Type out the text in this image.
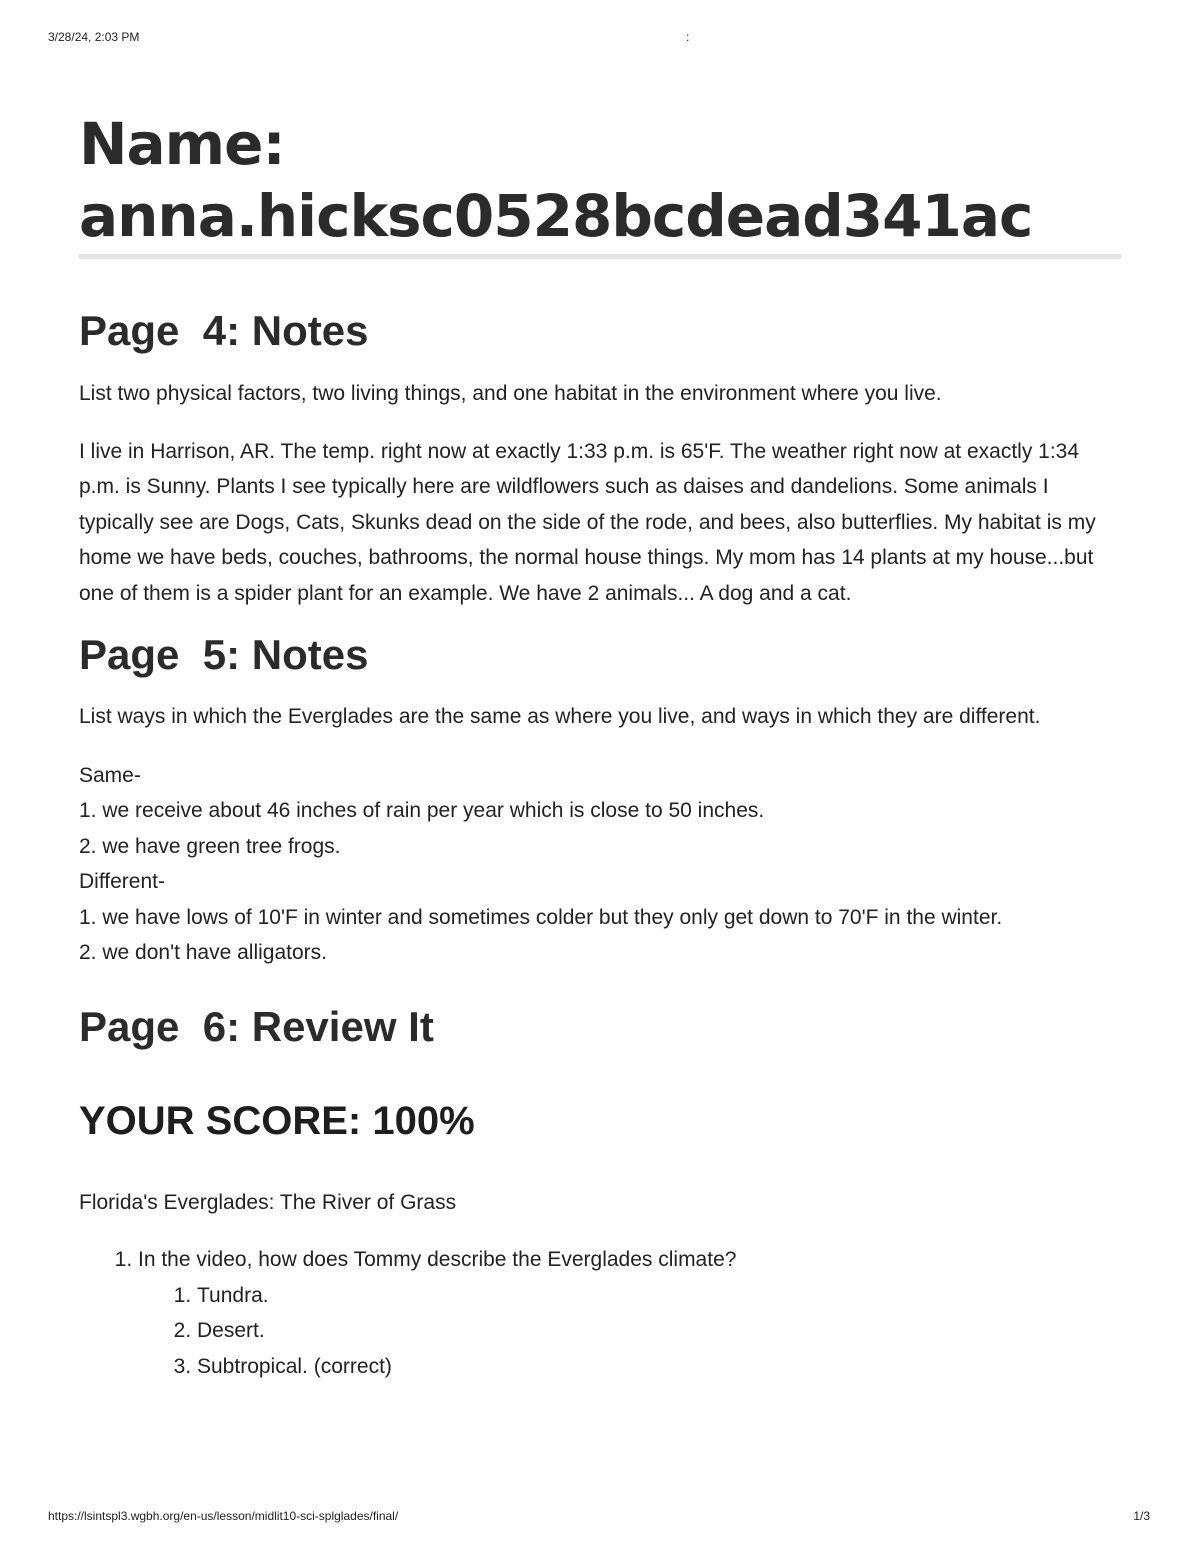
3/28/24, 2:03 PM	:
Name:
anna.hicksc0528bcdead341ac
Page  4: Notes

List two physical factors, two living things, and one habitat in the environment where you live.

I live in Harrison, AR. The temp. right now at exactly 1:33 p.m. is 65'F. The weather right now at exactly 1:34 p.m. is Sunny. Plants I see typically here are wildflowers such as daises and dandelions. Some animals I typically see are Dogs, Cats, Skunks dead on the side of the rode, and bees, also butterflies. My habitat is my home we have beds, couches, bathrooms, the normal house things. My mom has 14 plants at my house...but one of them is a spider plant for an example. We have 2 animals... A dog and a cat.

Page  5: Notes

List ways in which the Everglades are the same as where you live, and ways in which they are different.

Same-
1. we receive about 46 inches of rain per year which is close to 50 inches.
2. we have green tree frogs.
Different-
1. we have lows of 10'F in winter and sometimes colder but they only get down to 70'F in the winter.
2. we don't have alligators.
Page  6: Review It
YOUR SCORE: 100%

Florida's Everglades: The River of Grass

1. In the video, how does Tommy describe the Everglades climate?
1. Tundra.
2. Desert.
3. Subtropical. (correct)
https://lsintspl3.wgbh.org/en-us/lesson/midlit10-sci-splglades/final/	1/3
